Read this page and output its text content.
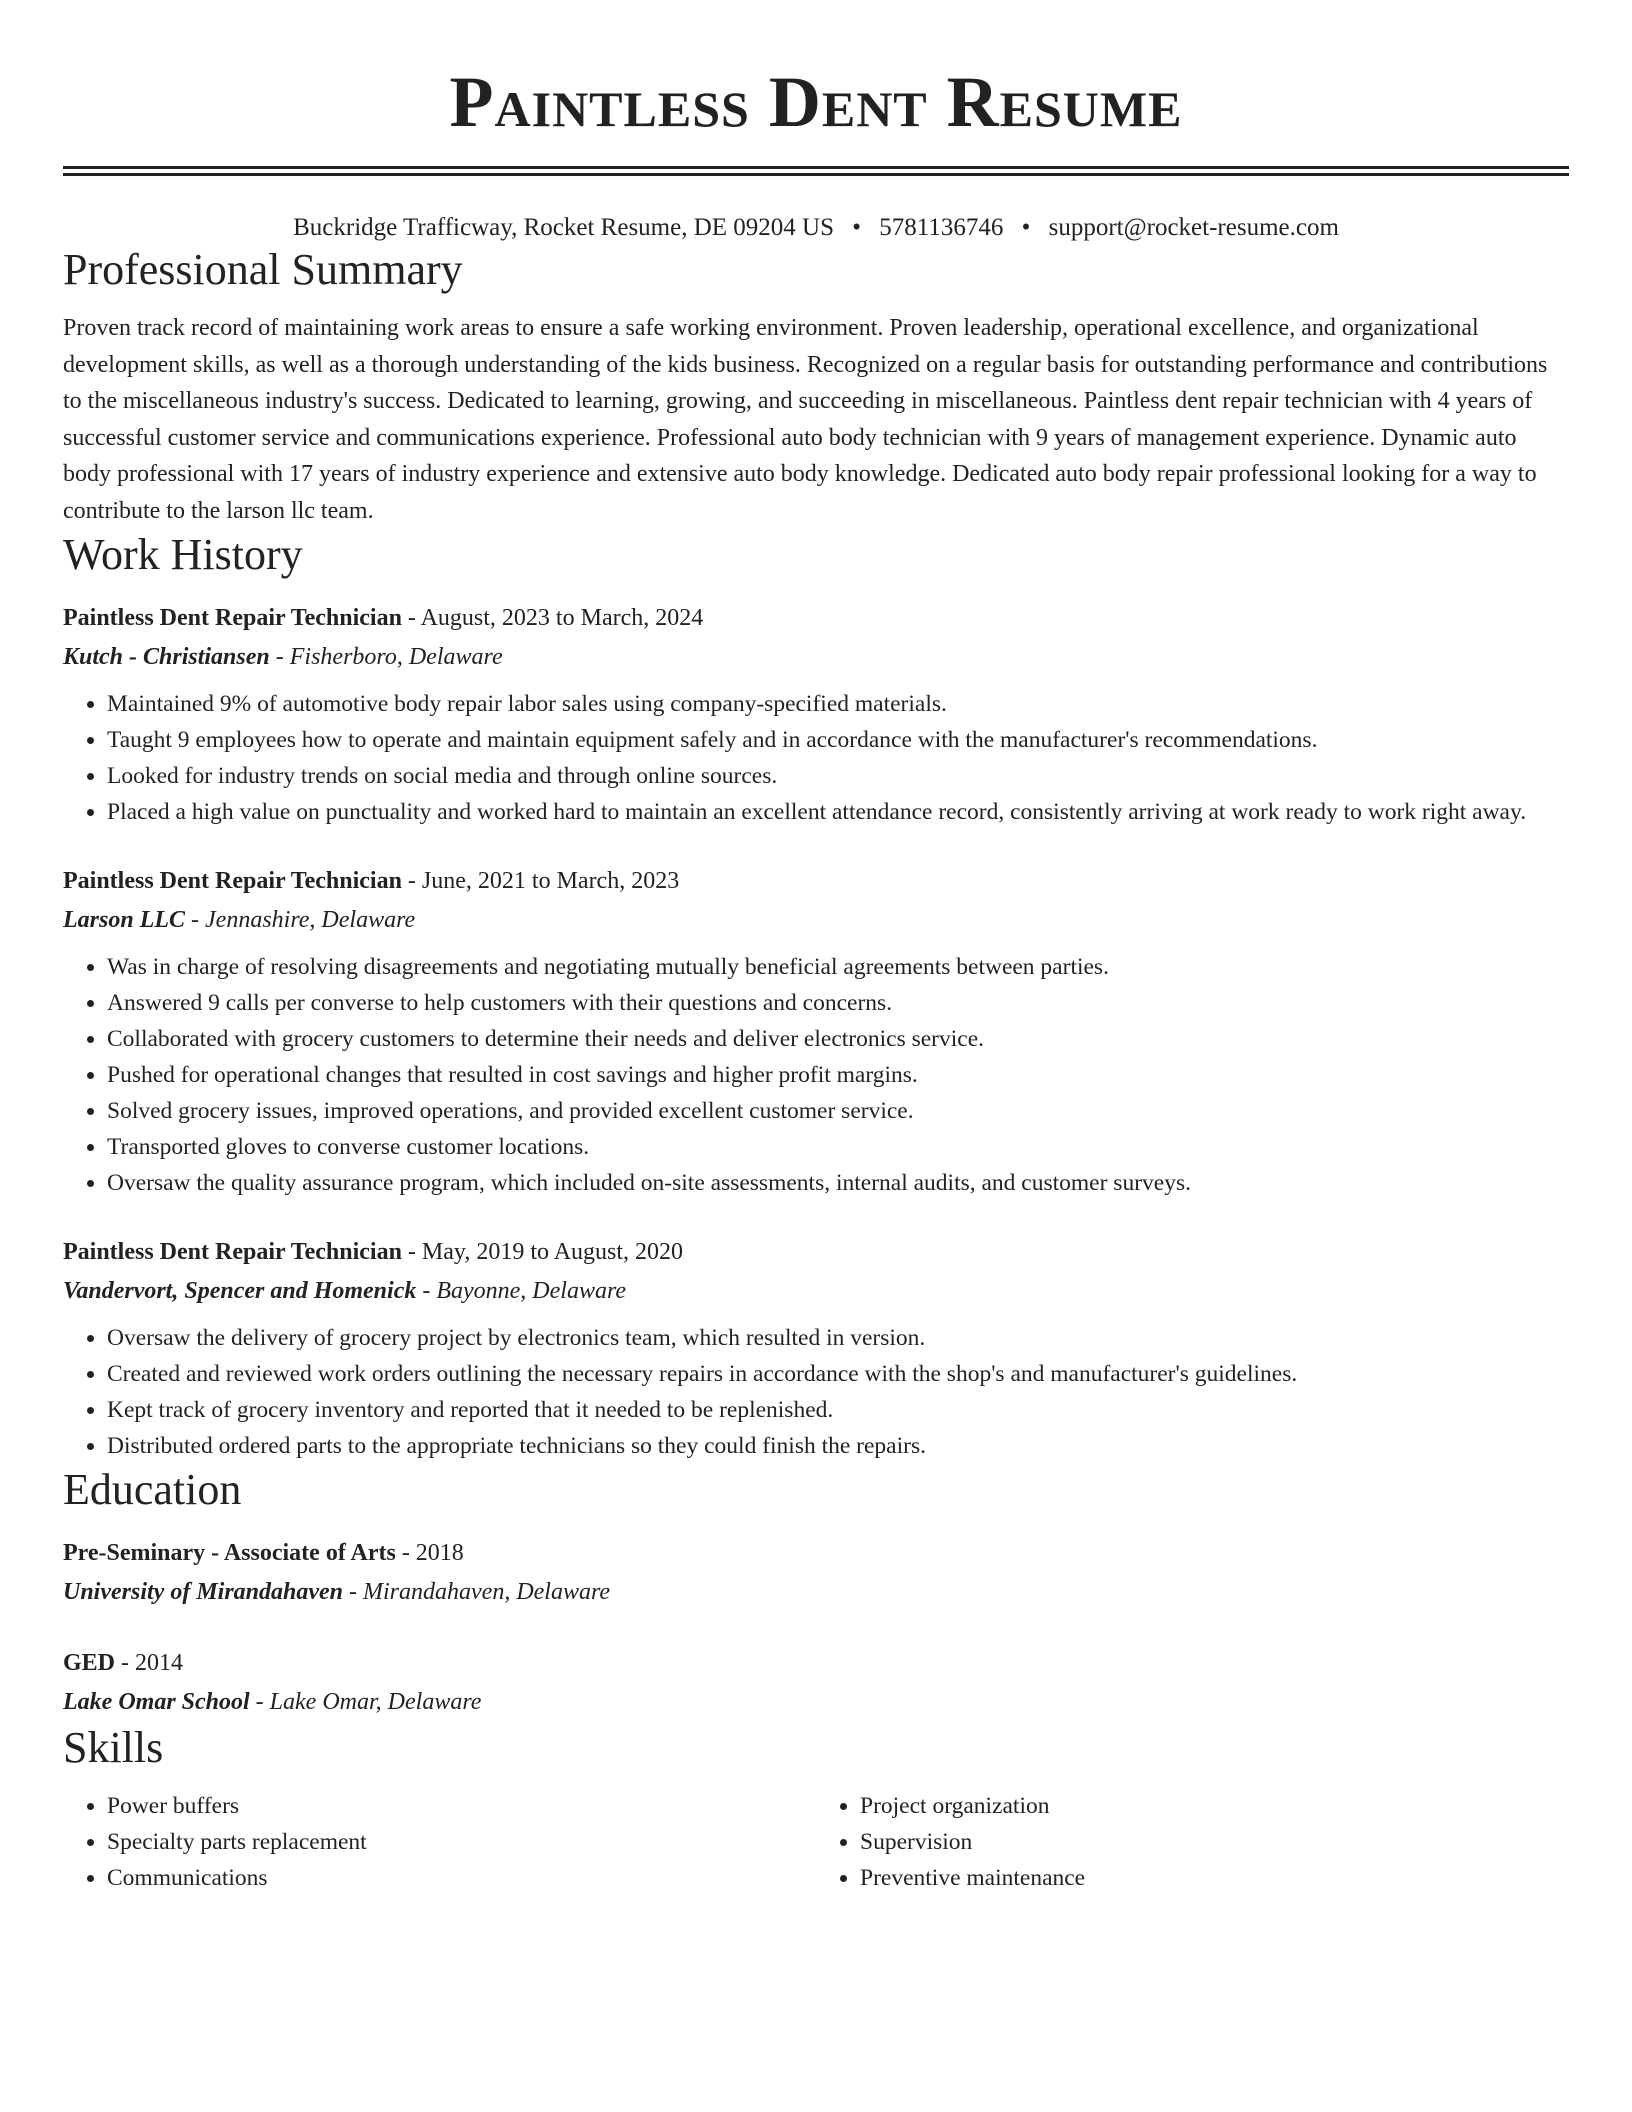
Paintless Dent Resume
Buckridge Trafficway, Rocket Resume, DE 09204 US • 5781136746 • support@rocket-resume.com
Professional Summary

Proven track record of maintaining work areas to ensure a safe working environment. Proven leadership, operational excellence, and organizational development skills, as well as a thorough understanding of the kids business. Recognized on a regular basis for outstanding performance and contributions to the miscellaneous industry's success. Dedicated to learning, growing, and succeeding in miscellaneous. Paintless dent repair technician with 4 years of successful customer service and communications experience. Professional auto body technician with 9 years of management experience. Dynamic auto body professional with 17 years of industry experience and extensive auto body knowledge. Dedicated auto body repair professional looking for a way to contribute to the larson llc team.

Work History
Paintless Dent Repair Technician - August, 2023 to March, 2024
Kutch - Christiansen - Fisherboro, Delaware
• Maintained 9% of automotive body repair labor sales using company-specified materials.
• Taught 9 employees how to operate and maintain equipment safely and in accordance with the manufacturer's recommendations.
• Looked for industry trends on social media and through online sources.
• Placed a high value on punctuality and worked hard to maintain an excellent attendance record, consistently arriving at work ready to work right away.
Paintless Dent Repair Technician - June, 2021 to March, 2023
Larson LLC - Jennashire, Delaware
• Was in charge of resolving disagreements and negotiating mutually beneficial agreements between parties.
• Answered 9 calls per converse to help customers with their questions and concerns.
• Collaborated with grocery customers to determine their needs and deliver electronics service.
• Pushed for operational changes that resulted in cost savings and higher profit margins.
• Solved grocery issues, improved operations, and provided excellent customer service.
• Transported gloves to converse customer locations.
• Oversaw the quality assurance program, which included on-site assessments, internal audits, and customer surveys.
Paintless Dent Repair Technician - May, 2019 to August, 2020
Vandervort, Spencer and Homenick - Bayonne, Delaware
• Oversaw the delivery of grocery project by electronics team, which resulted in version.
• Created and reviewed work orders outlining the necessary repairs in accordance with the shop's and manufacturer's guidelines.
• Kept track of grocery inventory and reported that it needed to be replenished.
• Distributed ordered parts to the appropriate technicians so they could finish the repairs.
Education
Pre-Seminary - Associate of Arts - 2018
University of Mirandahaven - Mirandahaven, Delaware
GED - 2014
Lake Omar School - Lake Omar, Delaware
Skills
• Power buffers
• Specialty parts replacement
• Communications
• Project organization
• Supervision
• Preventive maintenance
